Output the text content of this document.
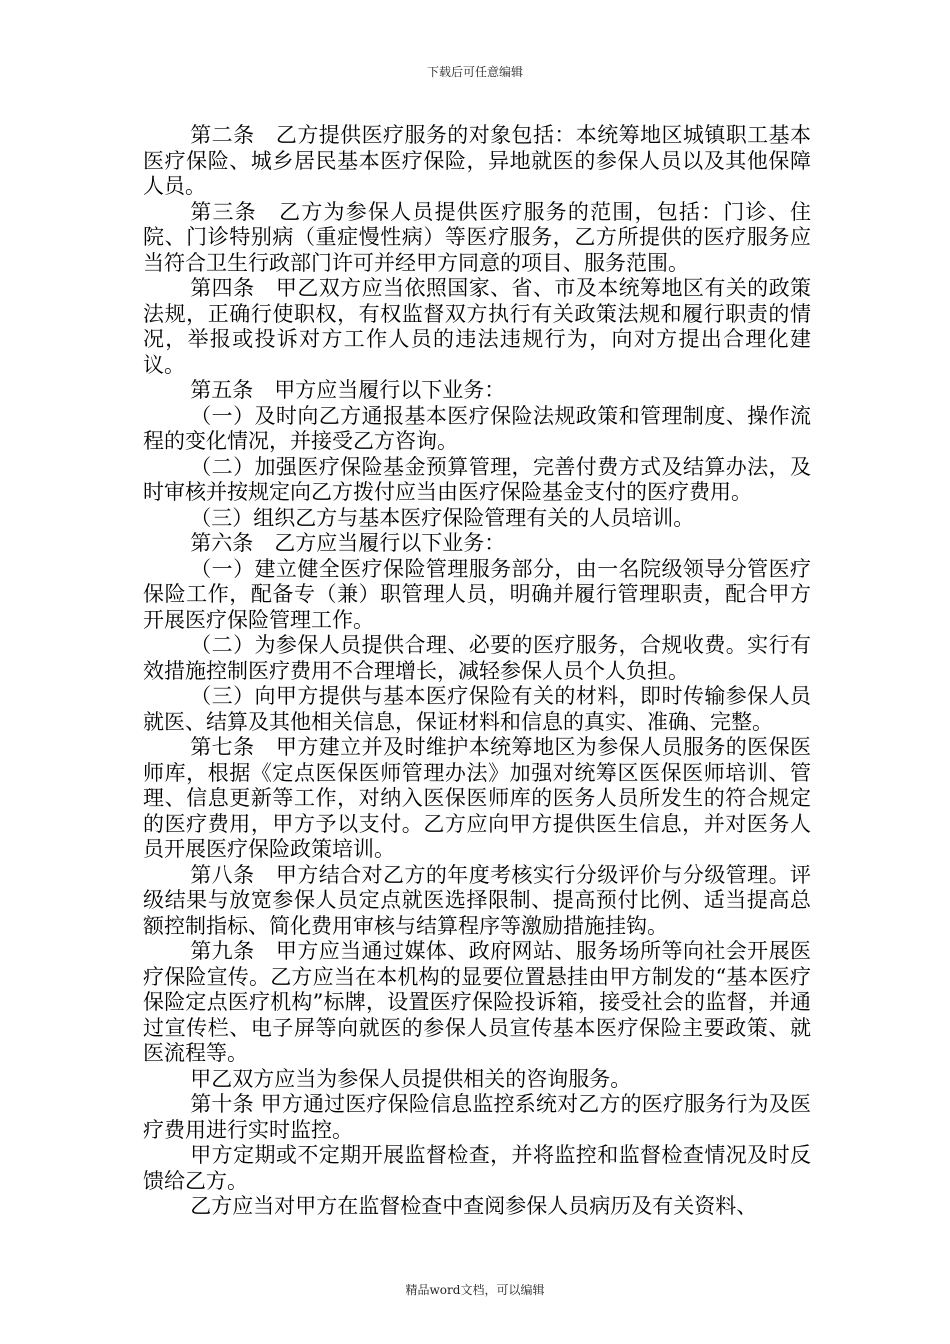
下载后可任意编辑

第二条　乙方提供医疗服务的对象包括：本统筹地区城镇职工基本医疗保险、城乡居民基本医疗保险，异地就医的参保人员以及其他保障人员。

第三条　乙方为参保人员提供医疗服务的范围，包括：门诊、住院、门诊特别病（重症慢性病）等医疗服务，乙方所提供的医疗服务应当符合卫生行政部门许可并经甲方同意的项目、服务范围。

第四条　甲乙双方应当依照国家、省、市及本统筹地区有关的政策法规，正确行使职权，有权监督双方执行有关政策法规和履行职责的情况，举报或投诉对方工作人员的违法违规行为，向对方提出合理化建议。

第五条　甲方应当履行以下业务：

（一）及时向乙方通报基本医疗保险法规政策和管理制度、操作流程的变化情况，并接受乙方咨询。

（二）加强医疗保险基金预算管理，完善付费方式及结算办法，及时审核并按规定向乙方拨付应当由医疗保险基金支付的医疗费用。

（三）组织乙方与基本医疗保险管理有关的人员培训。

第六条　乙方应当履行以下业务：

（一）建立健全医疗保险管理服务部分，由一名院级领导分管医疗保险工作，配备专（兼）职管理人员，明确并履行管理职责，配合甲方开展医疗保险管理工作。

（二）为参保人员提供合理、必要的医疗服务，合规收费。实行有效措施控制医疗费用不合理增长，减轻参保人员个人负担。

（三）向甲方提供与基本医疗保险有关的材料，即时传输参保人员就医、结算及其他相关信息，保证材料和信息的真实、准确、完整。

第七条　甲方建立并及时维护本统筹地区为参保人员服务的医保医师库，根据《定点医保医师管理办法》加强对统筹区医保医师培训、管理、信息更新等工作，对纳入医保医师库的医务人员所发生的符合规定的医疗费用，甲方予以支付。乙方应向甲方提供医生信息，并对医务人员开展医疗保险政策培训。

第八条　甲方结合对乙方的年度考核实行分级评价与分级管理。评级结果与放宽参保人员定点就医选择限制、提高预付比例、适当提高总额控制指标、简化费用审核与结算程序等激励措施挂钩。

第九条　甲方应当通过媒体、政府网站、服务场所等向社会开展医疗保险宣传。乙方应当在本机构的显要位置悬挂由甲方制发的“基本医疗保险定点医疗机构”标牌，设置医疗保险投诉箱，接受社会的监督，并通过宣传栏、电子屏等向就医的参保人员宣传基本医疗保险主要政策、就医流程等。

甲乙双方应当为参保人员提供相关的咨询服务。

第十条 甲方通过医疗保险信息监控系统对乙方的医疗服务行为及医疗费用进行实时监控。

甲方定期或不定期开展监督检查，并将监控和监督检查情况及时反馈给乙方。

乙方应当对甲方在监督检查中查阅参保人员病历及有关资料、

精品word文档，可以编辑
